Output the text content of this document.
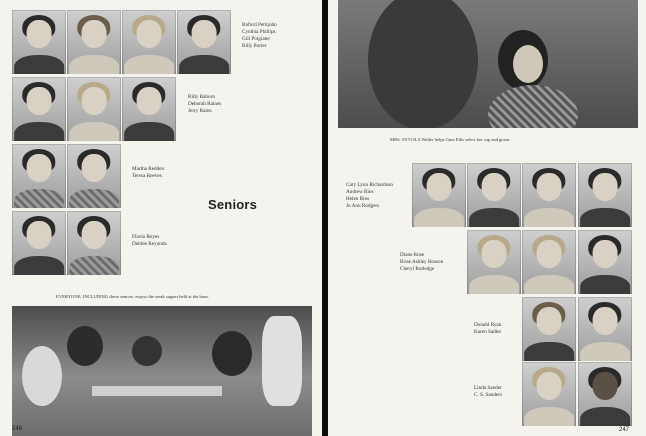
Buford Pettijohn
Cynthia Phillips
Gill Poigiater
Billy Porter
Billy Raborn
Deborah Raines
Jerry Rains
Martha Redden
Teresa Reeves
Seniors
Flavio Reyes
Debbie Reyunda
EVERYONE, INCLUDING these seniors, enjoys the steak supper held at the barn.
246
MRS. SYVOLA Waller helps Gina Ellis select her cap and gown.
Cary Lynn Richardson
Andrew Rios
Helen Rios
Jo Ann Rodgers
Diane Rose
Brise Ashley Rosson
Cheryl Rutledge
Donald Ryan
Karen Sadler
Linda Sander
C. S. Sanders
247
